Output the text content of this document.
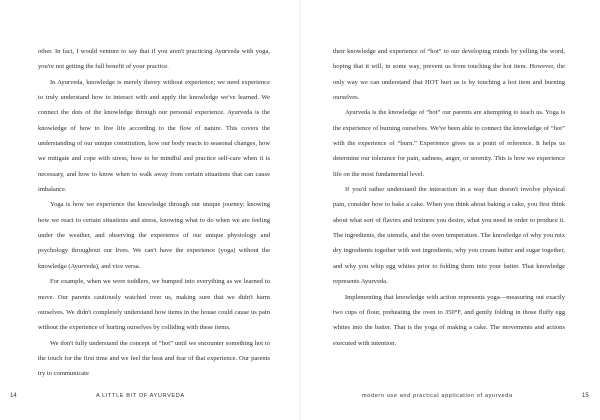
other. In fact, I would venture to say that if you aren't practicing Ayurveda with yoga, you're not getting the full benefit of your practice.

In Ayurveda, knowledge is merely theory without experience; we need experience to truly understand how to interact with and apply the knowledge we've learned. We connect the dots of the knowledge through our personal experience. Ayurveda is the knowledge of how to live life according to the flow of nature. This covers the understanding of our unique constitution, how our body reacts to seasonal changes, how we mitigate and cope with stress, how to be mindful and practice self-care when it is necessary, and how to know when to walk away from certain situations that can cause imbalance.

Yoga is how we experience the knowledge through our unique journey: knowing how we react to certain situations and stress, knowing what to do when we are feeling under the weather, and observing the experience of our unique physiology and psychology throughout our lives. We can't have the experience (yoga) without the knowledge (Ayurveda), and vice versa.

For example, when we were toddlers, we bumped into everything as we learned to move. Our parents cautiously watched over us, making sure that we didn't harm ourselves. We didn't completely understand how items in the house could cause us pain without the experience of hurting ourselves by colliding with these items.

We don't fully understand the concept of “hot” until we encounter something hot to the touch for the first time and we feel the heat and fear of that experience. Our parents try to communicate

14	A LITTLE BIT OF AYURVEDA

their knowledge and experience of “hot” to our developing minds by yelling the word, hoping that it will, in some way, prevent us from touching the hot item. However, the only way we can understand that HOT hurt us is by touching a hot item and burning ourselves.

Ayurveda is the knowledge of “hot” our parents are attempting to teach us. Yoga is the experience of burning ourselves. We've been able to connect the knowledge of “hot” with the experience of “burn.” Experience gives us a point of reference. It helps us determine our tolerance for pain, sadness, anger, or serenity. This is how we experience life on the most fundamental level.

If you'd rather understand the interaction in a way that doesn't involve physical pain, consider how to bake a cake. When you think about baking a cake, you first think about what sort of flavors and textures you desire, what you need in order to produce it. The ingredients, the utensils, and the oven temperature. The knowledge of why you mix dry ingredients together with wet ingredients, why you cream butter and sugar together, and why you whip egg whites prior to folding them into your batter. That knowledge represents Ayurveda.

Implementing that knowledge with action represents yoga—measuring out exactly two cups of flour, preheating the oven to 350°F, and gently folding in those fluffy egg whites into the batter. That is the yoga of making a cake. The movements and actions executed with intention.

modern use and practical application of ayurveda	15
